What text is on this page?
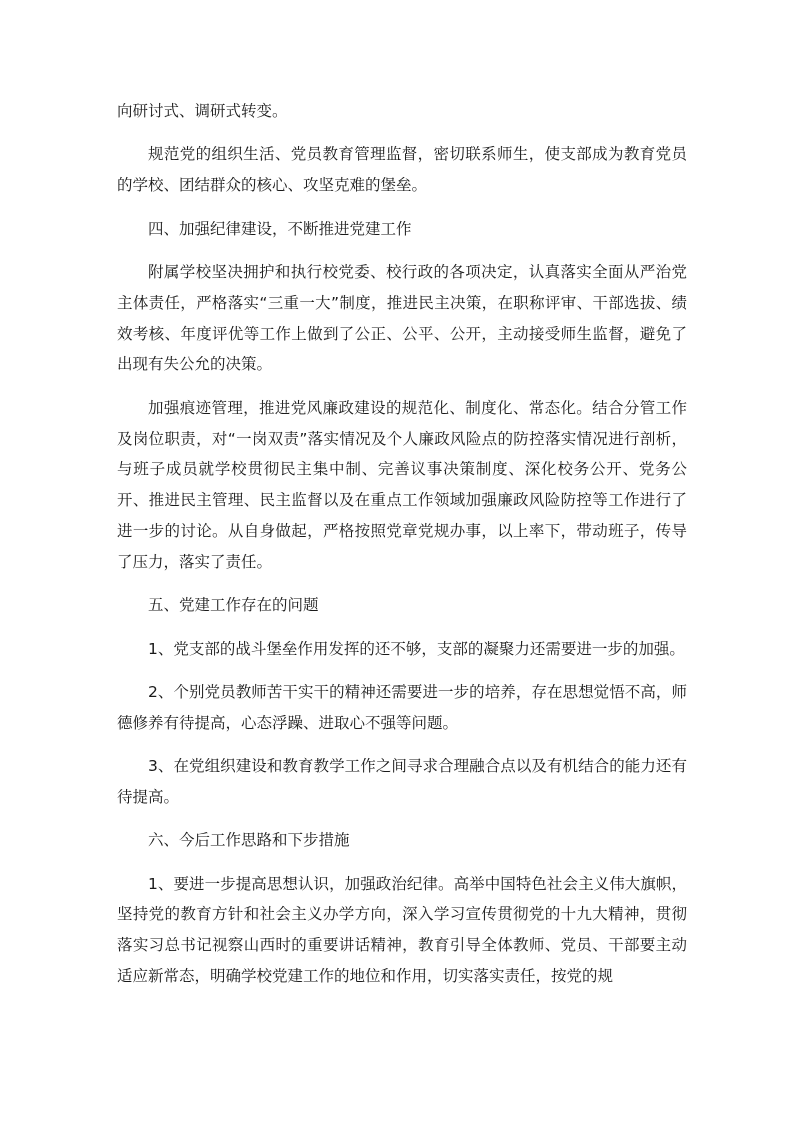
向研讨式、调研式转变。

规范党的组织生活、党员教育管理监督，密切联系师生，使支部成为教育党员的学校、团结群众的核心、攻坚克难的堡垒。

四、加强纪律建设，不断推进党建工作

附属学校坚决拥护和执行校党委、校行政的各项决定，认真落实全面从严治党主体责任，严格落实“三重一大”制度，推进民主决策，在职称评审、干部选拔、绩效考核、年度评优等工作上做到了公正、公平、公开，主动接受师生监督，避免了出现有失公允的决策。

加强痕迹管理，推进党风廉政建设的规范化、制度化、常态化。结合分管工作及岗位职责，对“一岗双责”落实情况及个人廉政风险点的防控落实情况进行剖析，与班子成员就学校贯彻民主集中制、完善议事决策制度、深化校务公开、党务公开、推进民主管理、民主监督以及在重点工作领域加强廉政风险防控等工作进行了进一步的讨论。从自身做起，严格按照党章党规办事，以上率下，带动班子，传导了压力，落实了责任。

五、党建工作存在的问题

1、党支部的战斗堡垒作用发挥的还不够，支部的凝聚力还需要进一步的加强。

2、个别党员教师苦干实干的精神还需要进一步的培养，存在思想觉悟不高，师德修养有待提高，心态浮躁、进取心不强等问题。

3、在党组织建设和教育教学工作之间寻求合理融合点以及有机结合的能力还有待提高。

六、今后工作思路和下步措施

1、要进一步提高思想认识，加强政治纪律。高举中国特色社会主义伟大旗帜，坚持党的教育方针和社会主义办学方向，深入学习宣传贯彻党的十九大精神，贯彻落实习总书记视察山西时的重要讲话精神，教育引导全体教师、党员、干部要主动适应新常态，明确学校党建工作的地位和作用，切实落实责任，按党的规
